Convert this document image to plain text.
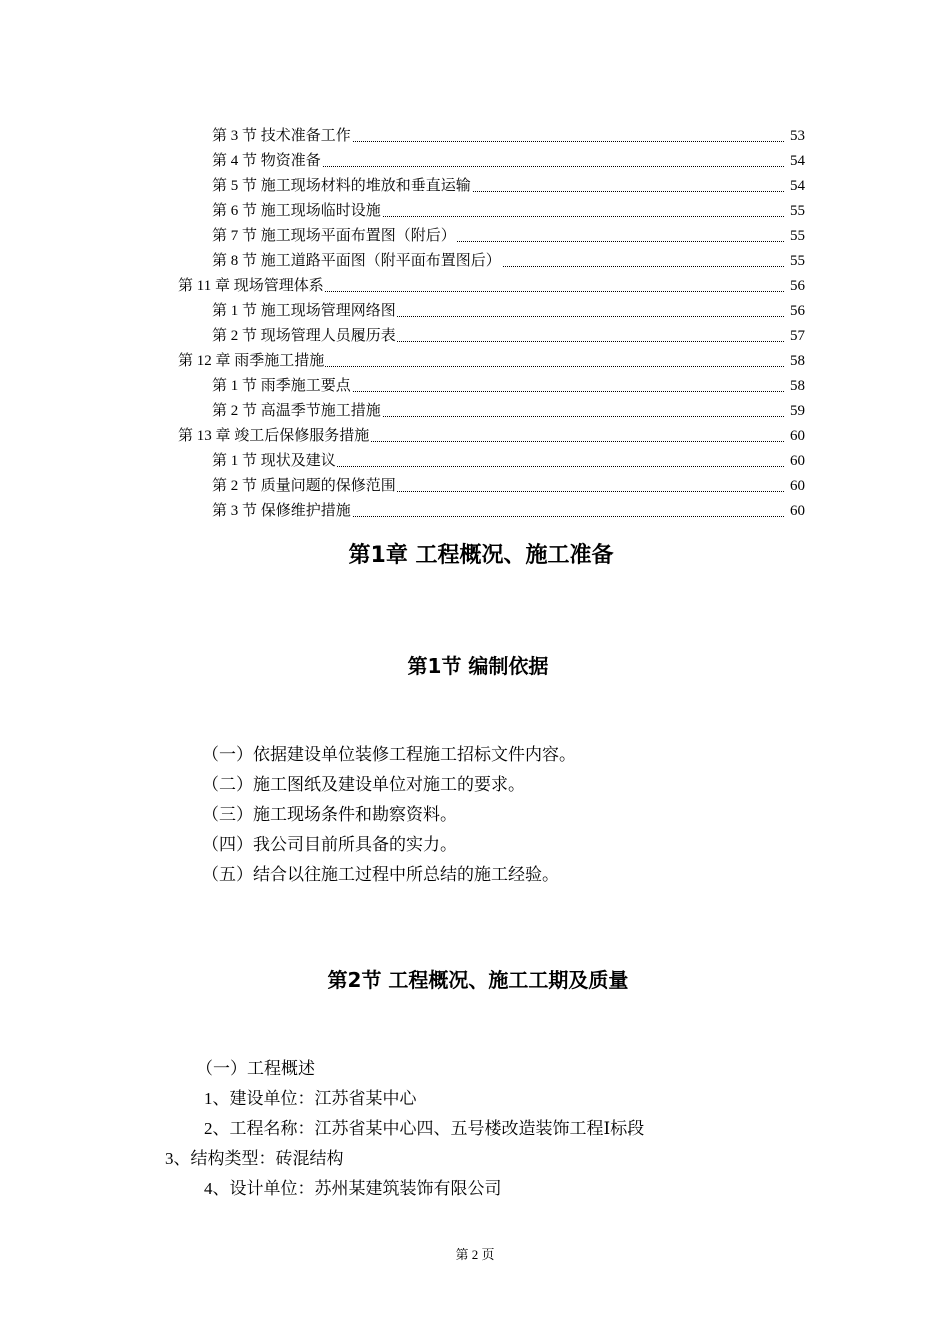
第 3 节 技术准备工作	53
第 4 节 物资准备	54
第 5 节 施工现场材料的堆放和垂直运输	54
第 6 节 施工现场临时设施	55
第 7 节 施工现场平面布置图（附后）	55
第 8 节 施工道路平面图（附平面布置图后）	55
第 11 章 现场管理体系	56
第 1 节 施工现场管理网络图	56
第 2 节 现场管理人员履历表	57
第 12 章 雨季施工措施	58
第 1 节 雨季施工要点	58
第 2 节 高温季节施工措施	59
第 13 章 竣工后保修服务措施	60
第 1 节 现状及建议	60
第 2 节 质量问题的保修范围	60
第 3 节 保修维护措施	60
第1章 工程概况、施工准备
第1节 编制依据
（一）依据建设单位装修工程施工招标文件内容。
（二）施工图纸及建设单位对施工的要求。
（三）施工现场条件和勘察资料。
（四）我公司目前所具备的实力。
（五）结合以往施工过程中所总结的施工经验。
第2节 工程概况、施工工期及质量
（一）工程概述
1、建设单位：江苏省某中心
2、工程名称：江苏省某中心四、五号楼改造装饰工程Ⅰ标段
3、结构类型：砖混结构
4、设计单位：苏州某建筑装饰有限公司
第 2 页
